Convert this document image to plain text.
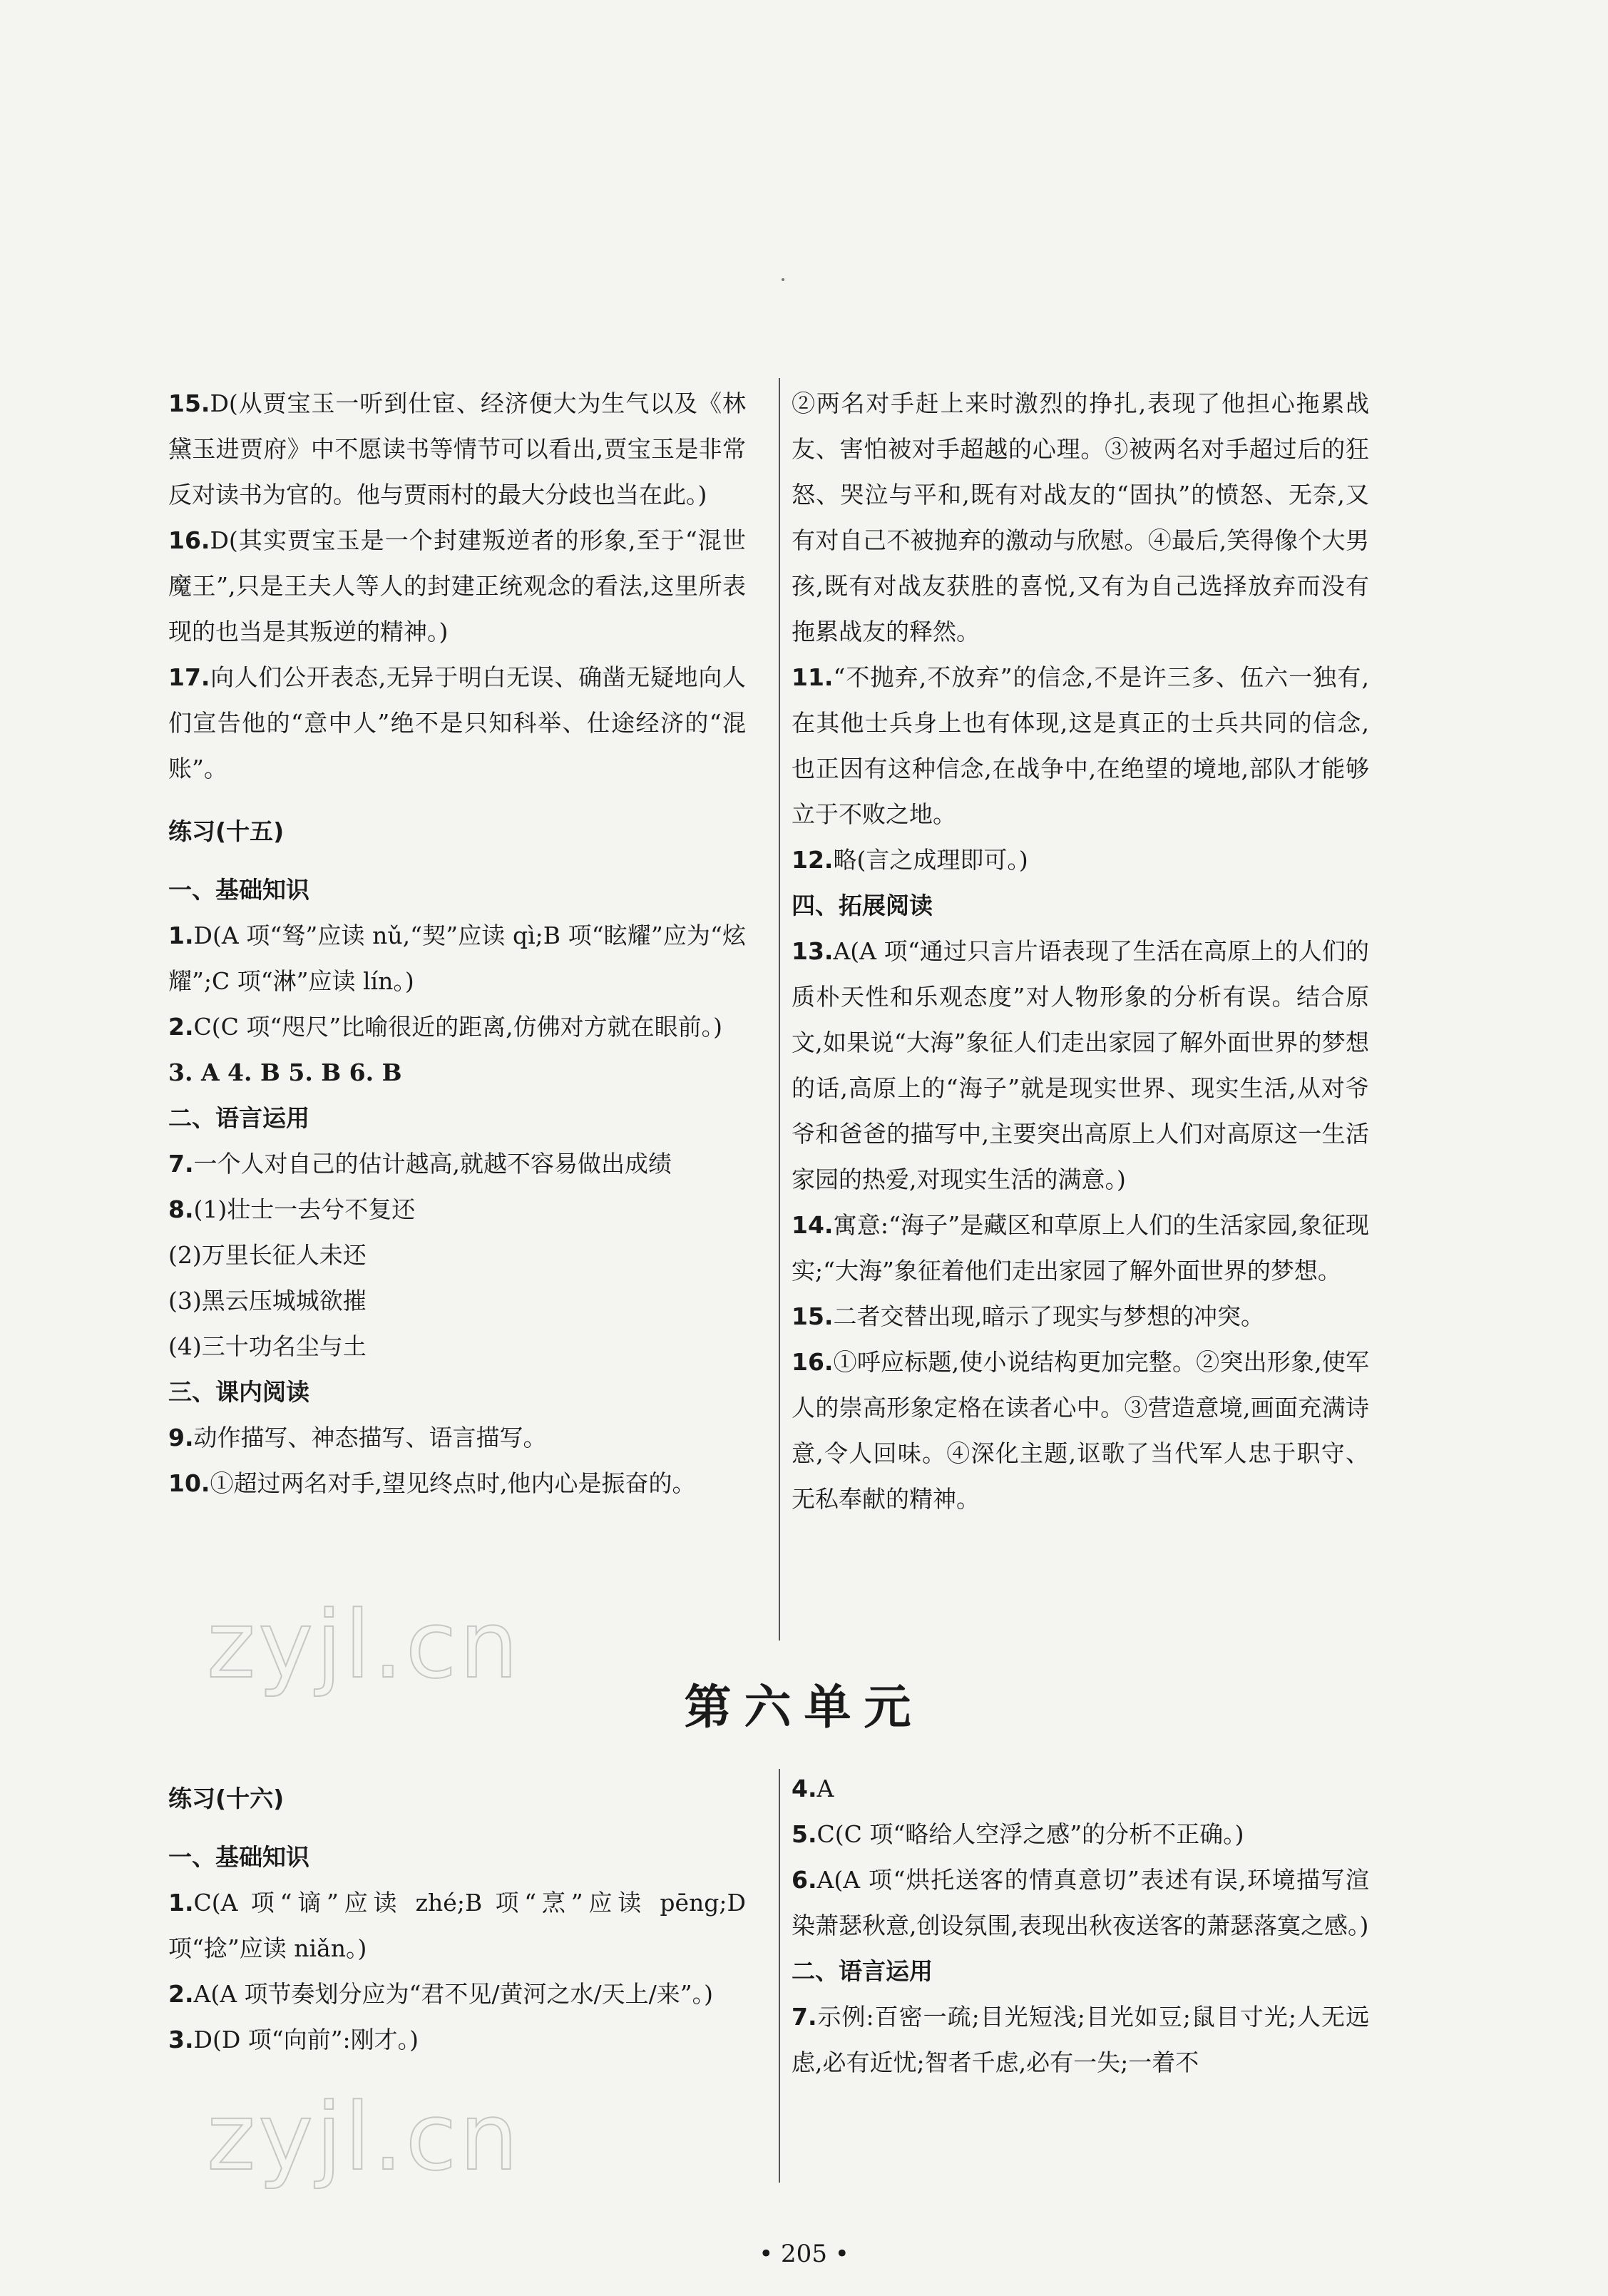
15.D(从贾宝玉一听到仕宦、经济便大为生气以及《林黛玉进贾府》中不愿读书等情节可以看出,贾宝玉是非常反对读书为官的。他与贾雨村的最大分歧也当在此。)

16.D(其实贾宝玉是一个封建叛逆者的形象,至于“混世魔王”,只是王夫人等人的封建正统观念的看法,这里所表现的也当是其叛逆的精神。)

17.向人们公开表态,无异于明白无误、确凿无疑地向人们宣告他的“意中人”绝不是只知科举、仕途经济的“混账”。

练习(十五)

一、基础知识

1.D(A 项“驽”应读 nǔ,“契”应读 qì;B 项“眩耀”应为“炫耀”;C 项“淋”应读 lín。)

2.C(C 项“咫尺”比喻很近的距离,仿佛对方就在眼前。)

3. A 4. B 5. B 6. B

二、语言运用

7.一个人对自己的估计越高,就越不容易做出成绩

8.(1)壮士一去兮不复还

(2)万里长征人未还

(3)黑云压城城欲摧

(4)三十功名尘与土

三、课内阅读

9.动作描写、神态描写、语言描写。

10.①超过两名对手,望见终点时,他内心是振奋的。

②两名对手赶上来时激烈的挣扎,表现了他担心拖累战友、害怕被对手超越的心理。③被两名对手超过后的狂怒、哭泣与平和,既有对战友的“固执”的愤怒、无奈,又有对自己不被抛弃的激动与欣慰。④最后,笑得像个大男孩,既有对战友获胜的喜悦,又有为自己选择放弃而没有拖累战友的释然。

11.“不抛弃,不放弃”的信念,不是许三多、伍六一独有,在其他士兵身上也有体现,这是真正的士兵共同的信念,也正因有这种信念,在战争中,在绝望的境地,部队才能够立于不败之地。

12.略(言之成理即可。)

四、拓展阅读

13.A(A 项“通过只言片语表现了生活在高原上的人们的质朴天性和乐观态度”对人物形象的分析有误。结合原文,如果说“大海”象征人们走出家园了解外面世界的梦想的话,高原上的“海子”就是现实世界、现实生活,从对爷爷和爸爸的描写中,主要突出高原上人们对高原这一生活家园的热爱,对现实生活的满意。)

14.寓意:“海子”是藏区和草原上人们的生活家园,象征现实;“大海”象征着他们走出家园了解外面世界的梦想。

15.二者交替出现,暗示了现实与梦想的冲突。

16.①呼应标题,使小说结构更加完整。②突出形象,使军人的崇高形象定格在读者心中。③营造意境,画面充满诗意,令人回味。④深化主题,讴歌了当代军人忠于职守、无私奉献的精神。

第六单元

练习(十六)

一、基础知识

1.C(A 项“谪”应读 zhé;B 项“烹”应读 pēng;D 项“捻”应读 niǎn。)

2.A(A 项节奏划分应为“君不见/黄河之水/天上/来”。)

3.D(D 项“向前”:刚才。)

4.A

5.C(C 项“略给人空浮之感”的分析不正确。)

6.A(A 项“烘托送客的情真意切”表述有误,环境描写渲染萧瑟秋意,创设氛围,表现出秋夜送客的萧瑟落寞之感。)

二、语言运用

7.示例:百密一疏;目光短浅;目光如豆;鼠目寸光;人无远虑,必有近忧;智者千虑,必有一失;一着不

zyjl.cn
zyjl.cn
• 205 •
